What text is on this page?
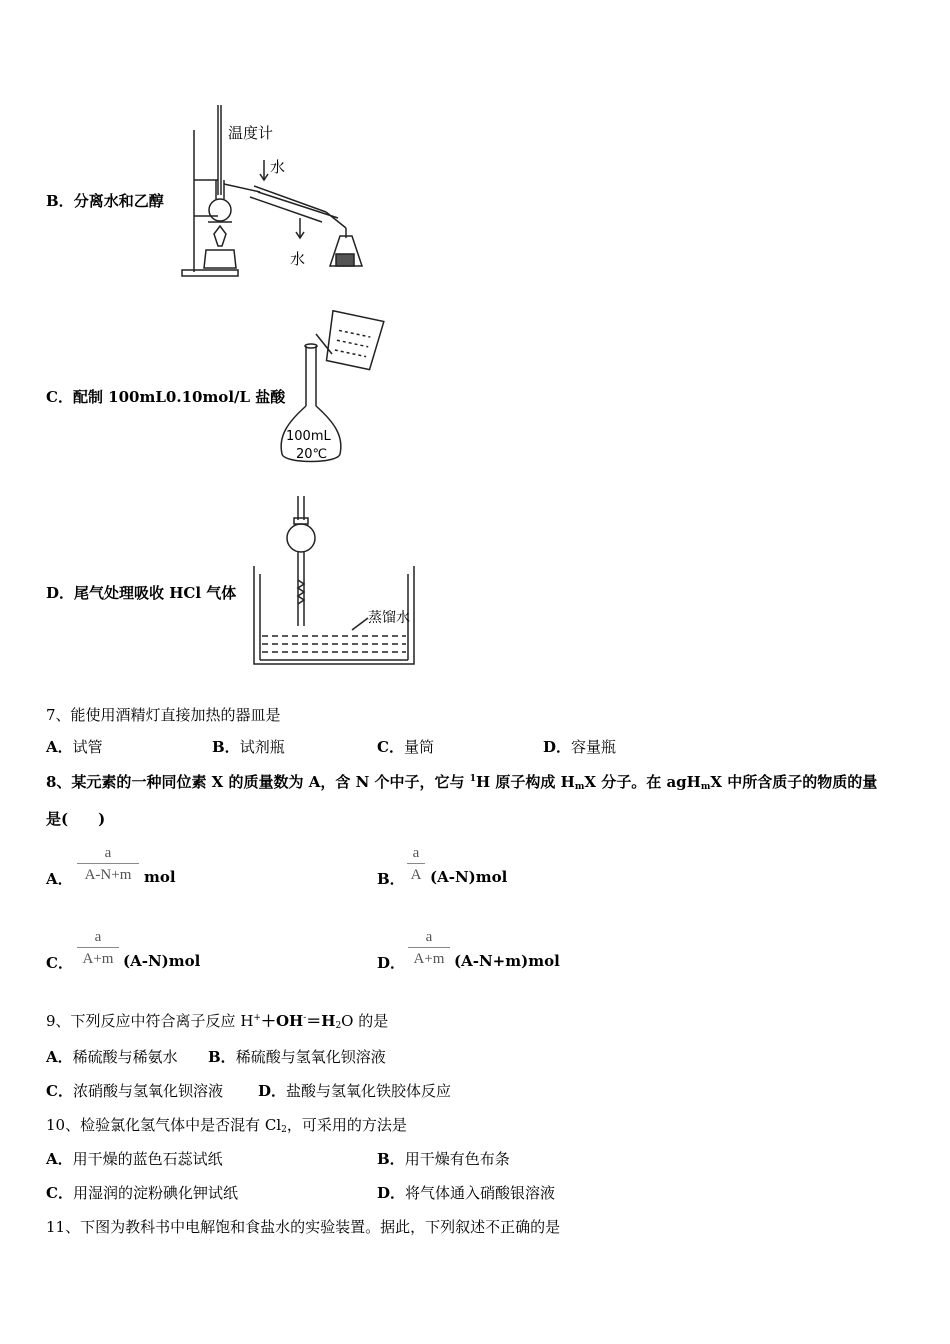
B．分离水和乙醇
温度计
水
水
C．配制 100mL0.10mol/L 盐酸
100mL
20℃
D．尾气处理吸收 HCl 气体
蒸馏水
7、能使用酒精灯直接加热的器皿是
A．试管	B．试剂瓶	C．量筒	D．容量瓶
8、某元素的一种同位素 X 的质量数为 A，含 N 个中子，它与 $^1$H 原子构成 $H_mX$ 分子。在 agH$_m$X 中所含质子的物质的量
是(　　)
A．
a
A-N+m mol	B．
a
A (A-N)mol
C．
a
A+m (A-N)mol	D．
a
A+m (A-N+m)mol
9、下列反应中符合离子反应 $H^++OH^-=H_2O$ 的是
A．稀硫酸与稀氨水 B．稀硫酸与氢氧化钡溶液
C．浓硝酸与氢氧化钡溶液 D．盐酸与氢氧化铁胶体反应
10、检验氯化氢气体中是否混有 $Cl_2$，可采用的方法是
A．用干燥的蓝色石蕊试纸	B．用干燥有色布条
C．用湿润的淀粉碘化钾试纸	D．将气体通入硝酸银溶液
11、下图为教科书中电解饱和食盐水的实验装置。据此，下列叙述不正确的是
